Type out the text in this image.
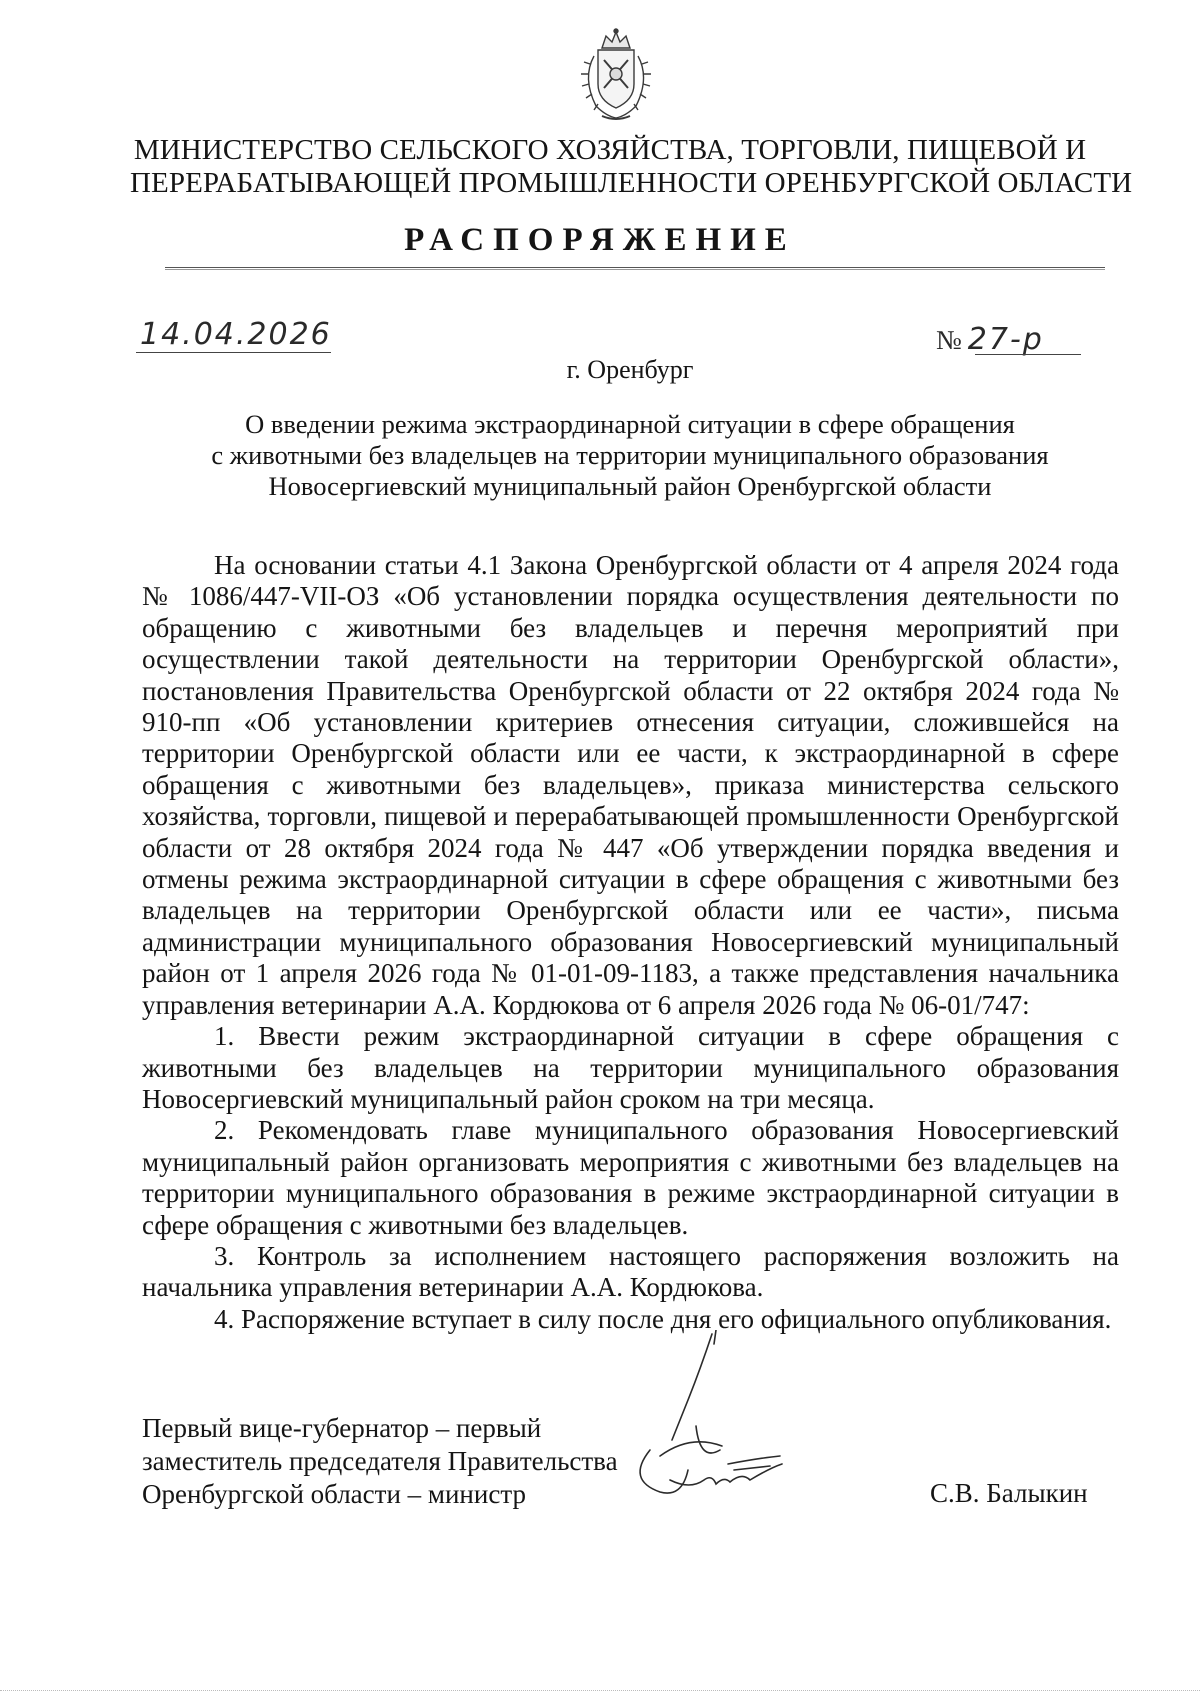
МИНИСТЕРСТВО СЕЛЬСКОГО ХОЗЯЙСТВА, ТОРГОВЛИ, ПИЩЕВОЙ И
ПЕРЕРАБАТЫВАЮЩЕЙ ПРОМЫШЛЕННОСТИ ОРЕНБУРГСКОЙ ОБЛАСТИ
РАСПОРЯЖЕНИЕ
14.04.2026	№ 27-р
г. Оренбург
О введении режима экстраординарной ситуации в сфере обращения
с животными без владельцев на территории муниципального образования
Новосергиевский муниципальный район Оренбургской области

На основании статьи 4.1 Закона Оренбургской области от 4 апреля 2024 года № 1086/447-VII-ОЗ «Об установлении порядка осуществления деятельности по обращению с животными без владельцев и перечня мероприятий при осуществлении такой деятельности на территории Оренбургской области», постановления Правительства Оренбургской области от 22 октября 2024 года № 910-пп «Об установлении критериев отнесения ситуации, сложившейся на территории Оренбургской области или ее части, к экстраординарной в сфере обращения с животными без владельцев», приказа министерства сельского хозяйства, торговли, пищевой и перерабатывающей промышленности Оренбургской области от 28 октября 2024 года № 447 «Об утверждении порядка введения и отмены режима экстраординарной ситуации в сфере обращения с животными без владельцев на территории Оренбургской области или ее части», письма администрации муниципального образования Новосергиевский муниципальный район от 1 апреля 2026 года № 01-01-09-1183, а также представления начальника управления ветеринарии А.А. Кордюкова от 6 апреля 2026 года № 06-01/747:

1. Ввести режим экстраординарной ситуации в сфере обращения с животными без владельцев на территории муниципального образования Новосергиевский муниципальный район сроком на три месяца.

2. Рекомендовать главе муниципального образования Новосергиевский муниципальный район организовать мероприятия с животными без владельцев на территории муниципального образования в режиме экстраординарной ситуации в сфере обращения с животными без владельцев.

3. Контроль за исполнением настоящего распоряжения возложить на начальника управления ветеринарии А.А. Кордюкова.

4. Распоряжение вступает в силу после дня его официального опубликования.

Первый вице-губернатор – первый
заместитель председателя Правительства
Оренбургской области – министр	С.В. Балыкин
